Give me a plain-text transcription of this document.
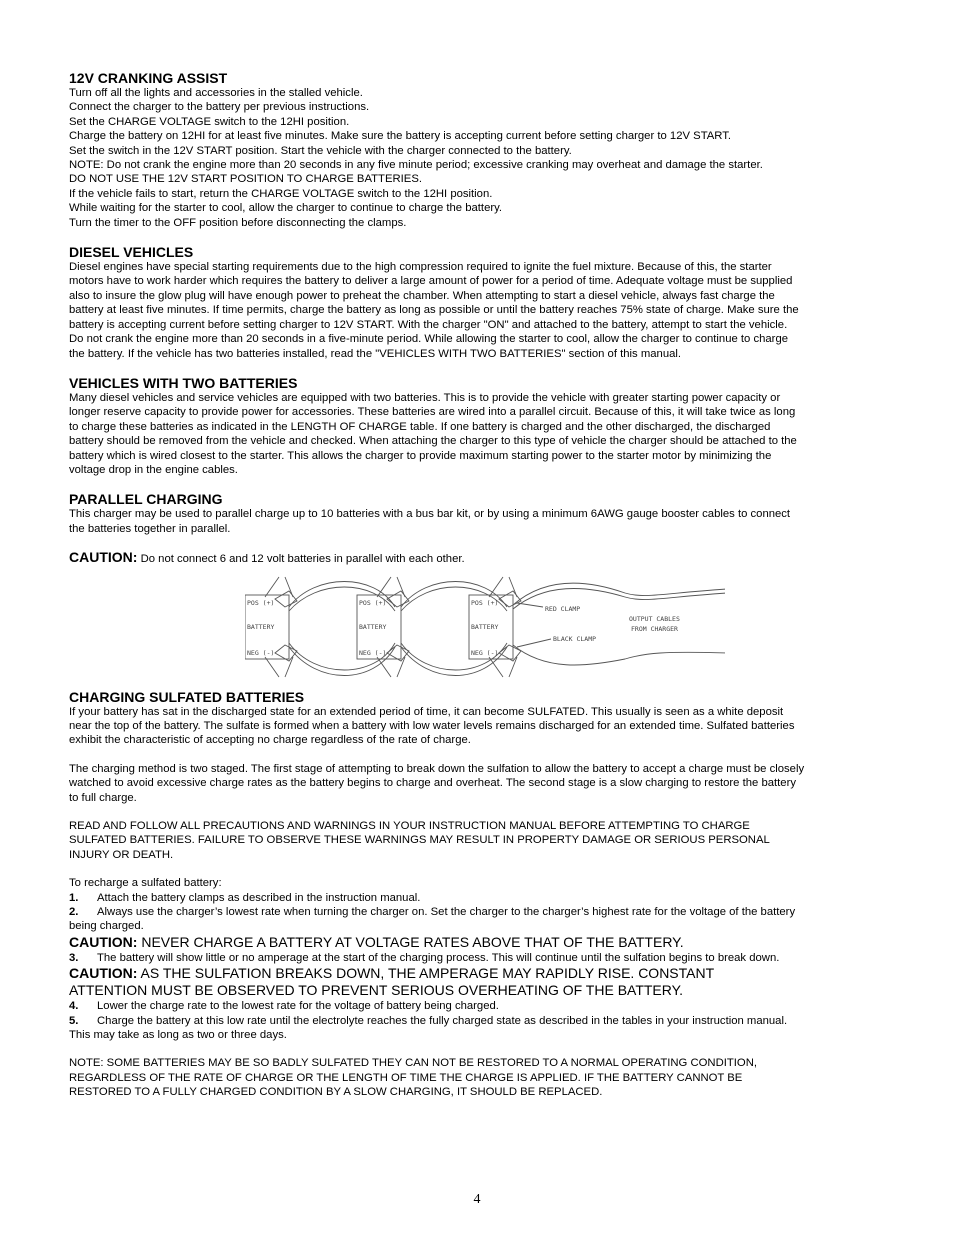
12V CRANKING ASSIST

Turn off all the lights and accessories in the stalled vehicle.

Connect the charger to the battery per previous instructions.

Set the CHARGE VOLTAGE switch to the 12HI position.

Charge the battery on 12HI for at least five minutes. Make sure the battery is accepting current before setting charger to 12V START.

Set the switch in the 12V START position. Start the vehicle with the charger connected to the battery.

NOTE: Do not crank the engine more than 20 seconds in any five minute period; excessive cranking may overheat and damage the starter.

DO NOT USE THE 12V START POSITION TO CHARGE BATTERIES.

If the vehicle fails to start, return the CHARGE VOLTAGE switch to the 12HI position.

While waiting for the starter to cool, allow the charger to continue to charge the battery.

Turn the timer to the OFF position before disconnecting the clamps.

DIESEL VEHICLES

Diesel engines have special starting requirements due to the high compression required to ignite the fuel mixture. Because of this, the starter

motors have to work harder which requires the battery to deliver a large amount of power for a period of time. Adequate voltage must be supplied

also to insure the glow plug will have enough power to preheat the chamber. When attempting to start a diesel vehicle, always fast charge the

battery at least five minutes. If time permits, charge the battery as long as possible or until the battery reaches 75% state of charge. Make sure the

battery is accepting current before setting charger to 12V START. With the charger "ON" and attached to the battery, attempt to start the vehicle.

Do not crank the engine more than 20 seconds in a five-minute period. While allowing the starter to cool, allow the charger to continue to charge

the battery. If the vehicle has two batteries installed, read the "VEHICLES WITH TWO BATTERIES" section of this manual.

VEHICLES WITH TWO BATTERIES

Many diesel vehicles and service vehicles are equipped with two batteries. This is to provide the vehicle with greater starting power capacity or

longer reserve capacity to provide power for accessories. These batteries are wired into a parallel circuit. Because of this, it will take twice as long

to charge these batteries as indicated in the LENGTH OF CHARGE table. If one battery is charged and the other discharged, the discharged

battery should be removed from the vehicle and checked. When attaching the charger to this type of vehicle the charger should be attached to the

battery which is wired closest to the starter. This allows the charger to provide maximum starting power to the starter motor by minimizing the

voltage drop in the engine cables.

PARALLEL CHARGING

This charger may be used to parallel charge up to 10 batteries with a bus bar kit, or by using a minimum 6AWG gauge booster cables to connect

the batteries together in parallel.

CAUTION: Do not connect 6 and 12 volt batteries in parallel with each other.

POS (+)
BATTERY
NEG (-)
POS (+)
BATTERY
NEG (-)
POS (+)
BATTERY
NEG (-)
RED CLAMP
BLACK CLAMP
OUTPUT CABLES
FROM CHARGER

CHARGING SULFATED BATTERIES

If your battery has sat in the discharged state for an extended period of time, it can become SULFATED. This usually is seen as a white deposit

near the top of the battery. The sulfate is formed when a battery with low water levels remains discharged for an extended time. Sulfated batteries

exhibit the characteristic of accepting no charge regardless of the rate of charge.

The charging method is two staged. The first stage of attempting to break down the sulfation to allow the battery to accept a charge must be closely

watched to avoid excessive charge rates as the battery begins to charge and overheat. The second stage is a slow charging to restore the battery

to full charge.

READ AND FOLLOW ALL PRECAUTIONS AND WARNINGS IN YOUR INSTRUCTION MANUAL BEFORE ATTEMPTING TO CHARGE

SULFATED BATTERIES. FAILURE TO OBSERVE THESE WARNINGS MAY RESULT IN PROPERTY DAMAGE OR SERIOUS PERSONAL

INJURY OR DEATH.

To recharge a sulfated battery:

1. Attach the battery clamps as described in the instruction manual.

2. Always use the charger’s lowest rate when turning the charger on. Set the charger to the charger’s highest rate for the voltage of the battery

being charged.

CAUTION: NEVER CHARGE A BATTERY AT VOLTAGE RATES ABOVE THAT OF THE BATTERY.

3. The battery will show little or no amperage at the start of the charging process. This will continue until the sulfation begins to break down.

CAUTION: AS THE SULFATION BREAKS DOWN, THE AMPERAGE MAY RAPIDLY RISE. CONSTANT

ATTENTION MUST BE OBSERVED TO PREVENT SERIOUS OVERHEATING OF THE BATTERY.

4. Lower the charge rate to the lowest rate for the voltage of battery being charged.

5. Charge the battery at this low rate until the electrolyte reaches the fully charged state as described in the tables in your instruction manual.

This may take as long as two or three days.

NOTE: SOME BATTERIES MAY BE SO BADLY SULFATED THEY CAN NOT BE RESTORED TO A NORMAL OPERATING CONDITION,

REGARDLESS OF THE RATE OF CHARGE OR THE LENGTH OF TIME THE CHARGE IS APPLIED. IF THE BATTERY CANNOT BE

RESTORED TO A FULLY CHARGED CONDITION BY A SLOW CHARGING, IT SHOULD BE REPLACED.

4
